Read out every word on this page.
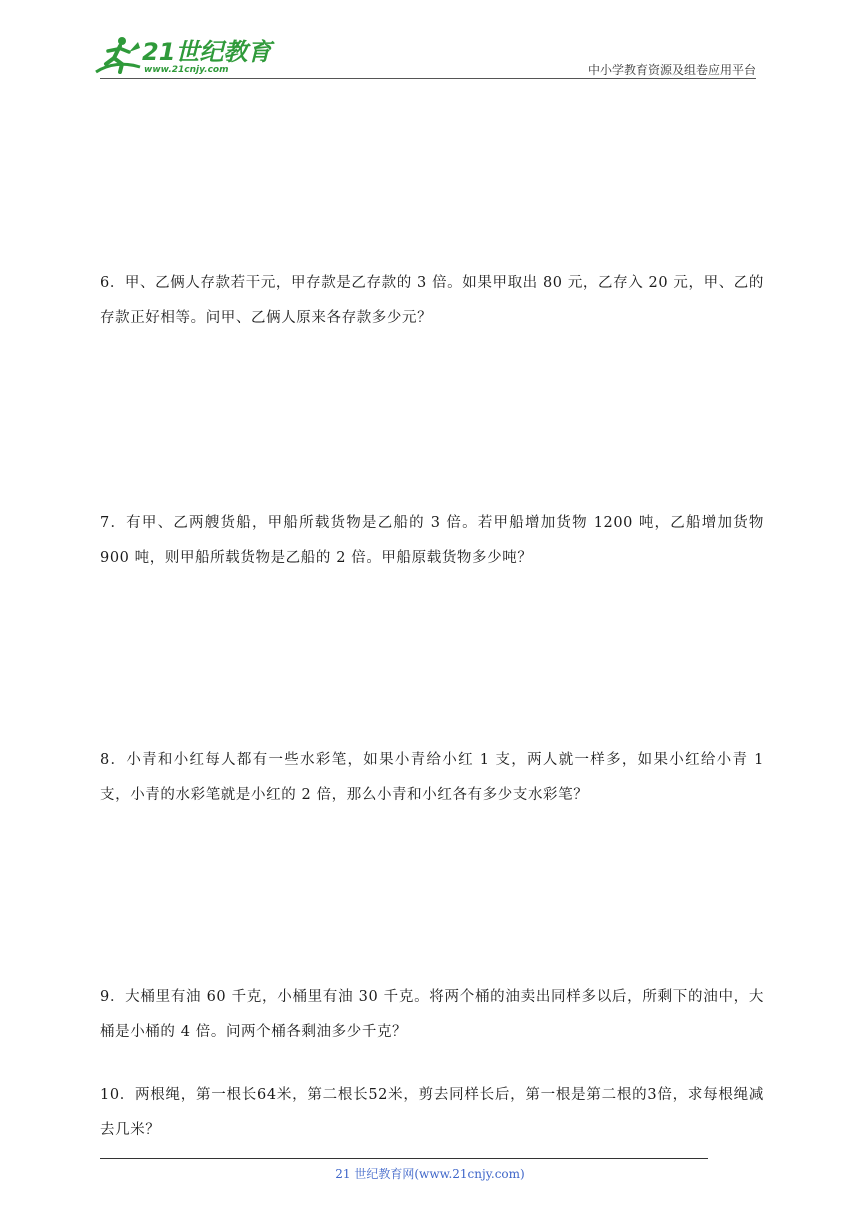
21世纪教育
www.21cnjy.com	中小学教育资源及组卷应用平台
6．甲、乙俩人存款若干元，甲存款是乙存款的 3 倍。如果甲取出 80 元，乙存入 20 元，甲、乙的存款正好相等。问甲、乙俩人原来各存款多少元？
7．有甲、乙两艘货船，甲船所载货物是乙船的 3 倍。若甲船增加货物 1200 吨，乙船增加货物 900 吨，则甲船所载货物是乙船的 2 倍。甲船原载货物多少吨？
8．小青和小红每人都有一些水彩笔，如果小青给小红 1 支，两人就一样多，如果小红给小青 1 支，小青的水彩笔就是小红的 2 倍，那么小青和小红各有多少支水彩笔？
9．大桶里有油 60 千克，小桶里有油 30 千克。将两个桶的油卖出同样多以后，所剩下的油中，大桶是小桶的 4 倍。问两个桶各剩油多少千克？
10．两根绳，第一根长64米，第二根长52米，剪去同样长后，第一根是第二根的3倍，求每根绳减去几米？
21 世纪教育网(www.21cnjy.com)
